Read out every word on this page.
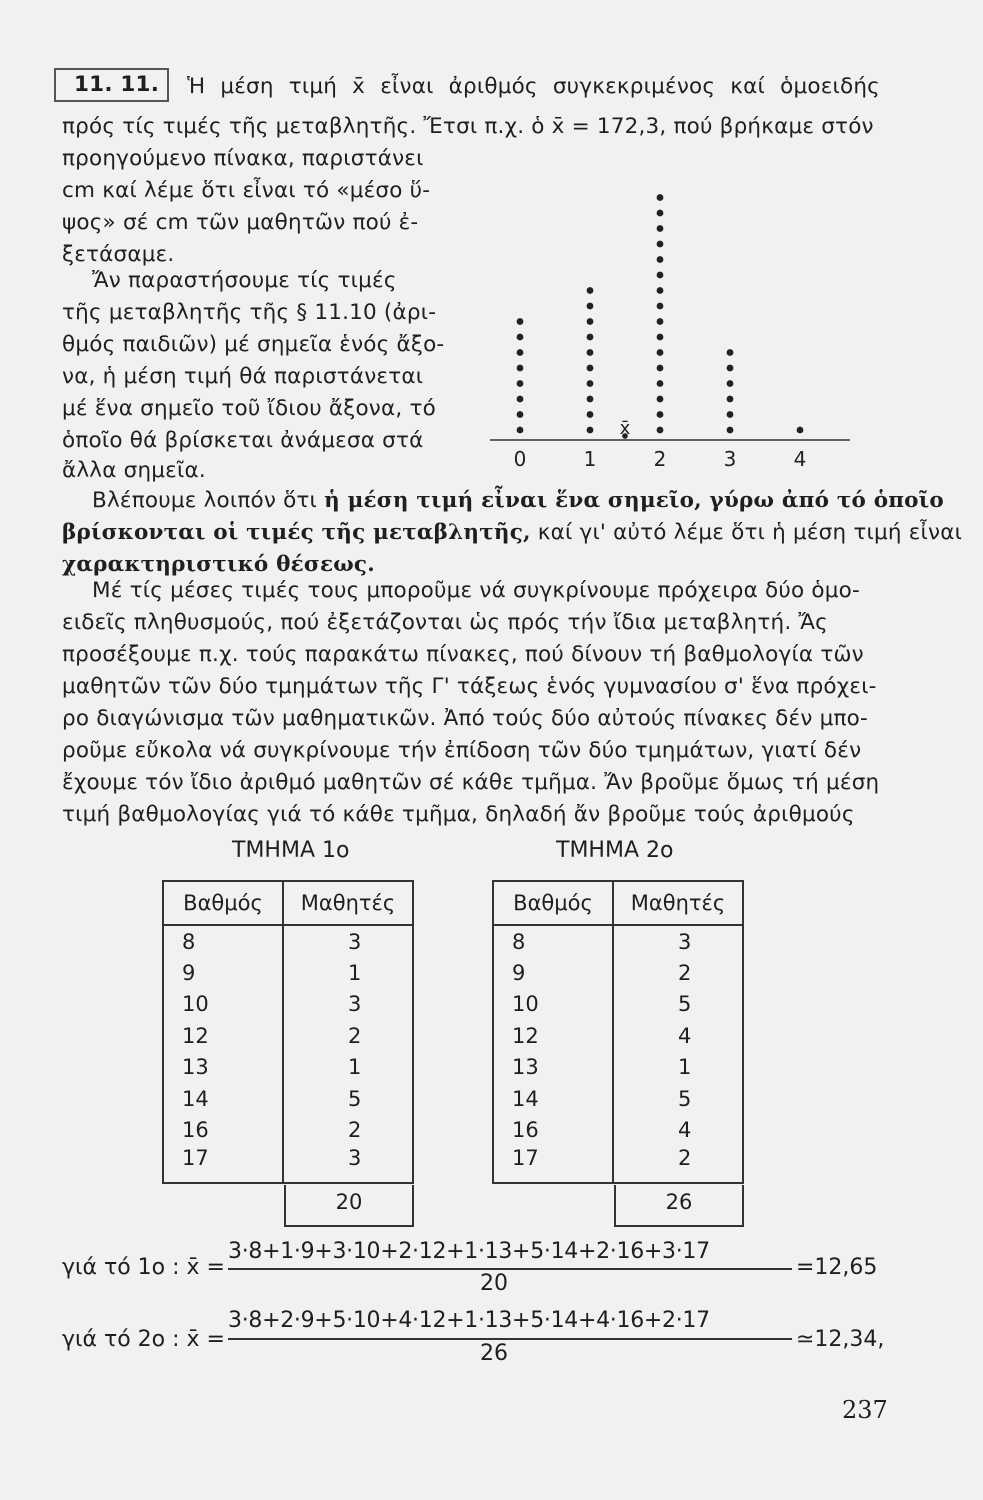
11. 11.	Ἡ μέση τιμή x̄ εἶναι ἀριθμός συγκεκριμένος καί ὁμοειδής
πρός τίς τιμές τῆς μεταβλητῆς. Ἔτσι π.χ. ὁ x̄ = 172,3, πού βρήκαμε στόν
προηγούμενο πίνακα, παριστάνει
cm καί λέμε ὅτι εἶναι τό «μέσο ὕ-
ψος» σέ cm τῶν μαθητῶν πού ἐ-
ξετάσαμε.
Ἄν παραστήσουμε τίς τιμές
τῆς μεταβλητῆς τῆς § 11.10 (ἀρι-
θμός παιδιῶν) μέ σημεῖα ἑνός ἄξο-
να, ἡ μέση τιμή θά παριστάνεται
μέ ἕνα σημεῖο τοῦ ἴδιου ἄξονα, τό
ὁποῖο θά βρίσκεται ἀνάμεσα στά
ἄλλα σημεῖα.	0	1	2	3	4
x̄
Βλέπουμε λοιπόν ὅτι ἡ μέση τιμή εἶναι ἕνα σημεῖο, γύρω ἀπό τό ὁποῖο
βρίσκονται οἱ τιμές τῆς μεταβλητῆς, καί γι' αὐτό λέμε ὅτι ἡ μέση τιμή εἶναι
χαρακτηριστικό θέσεως.
Μέ τίς μέσες τιμές τους μποροῦμε νά συγκρίνουμε πρόχειρα δύο ὁμο-
ειδεῖς πληθυσμούς, πού ἐξετάζονται ὡς πρός τήν ἴδια μεταβλητή. Ἄς
προσέξουμε π.χ. τούς παρακάτω πίνακες, πού δίνουν τή βαθμολογία τῶν
μαθητῶν τῶν δύο τμημάτων τῆς Γ' τάξεως ἑνός γυμνασίου σ' ἕνα πρόχει-
ρο διαγώνισμα τῶν μαθηματικῶν. Ἀπό τούς δύο αὐτούς πίνακες δέν μπο-
ροῦμε εὔκολα νά συγκρίνουμε τήν ἐπίδοση τῶν δύο τμημάτων, γιατί δέν
ἔχουμε τόν ἴδιο ἀριθμό μαθητῶν σέ κάθε τμῆμα. Ἄν βροῦμε ὅμως τή μέση
τιμή βαθμολογίας γιά τό κάθε τμῆμα, δηλαδή ἄν βροῦμε τούς ἀριθμούς
ΤΜΗΜΑ 1ο	ΤΜΗΜΑ 2ο
Βαθμός	Μαθητές
8	3
9	1
10	3
12	2
13	1
14	5
16	2
17	3
20
Βαθμός	Μαθητές
8	3
9	2
10	5
12	4
13	1
14	5
16	4
17	2
26
γιά τό 1ο : x̄ =
3·8+1·9+3·10+2·12+1·13+5·14+2·16+3·17
20
=12,65
γιά τό 2ο : x̄ =
3·8+2·9+5·10+4·12+1·13+5·14+4·16+2·17
26
≃12,34,
237
